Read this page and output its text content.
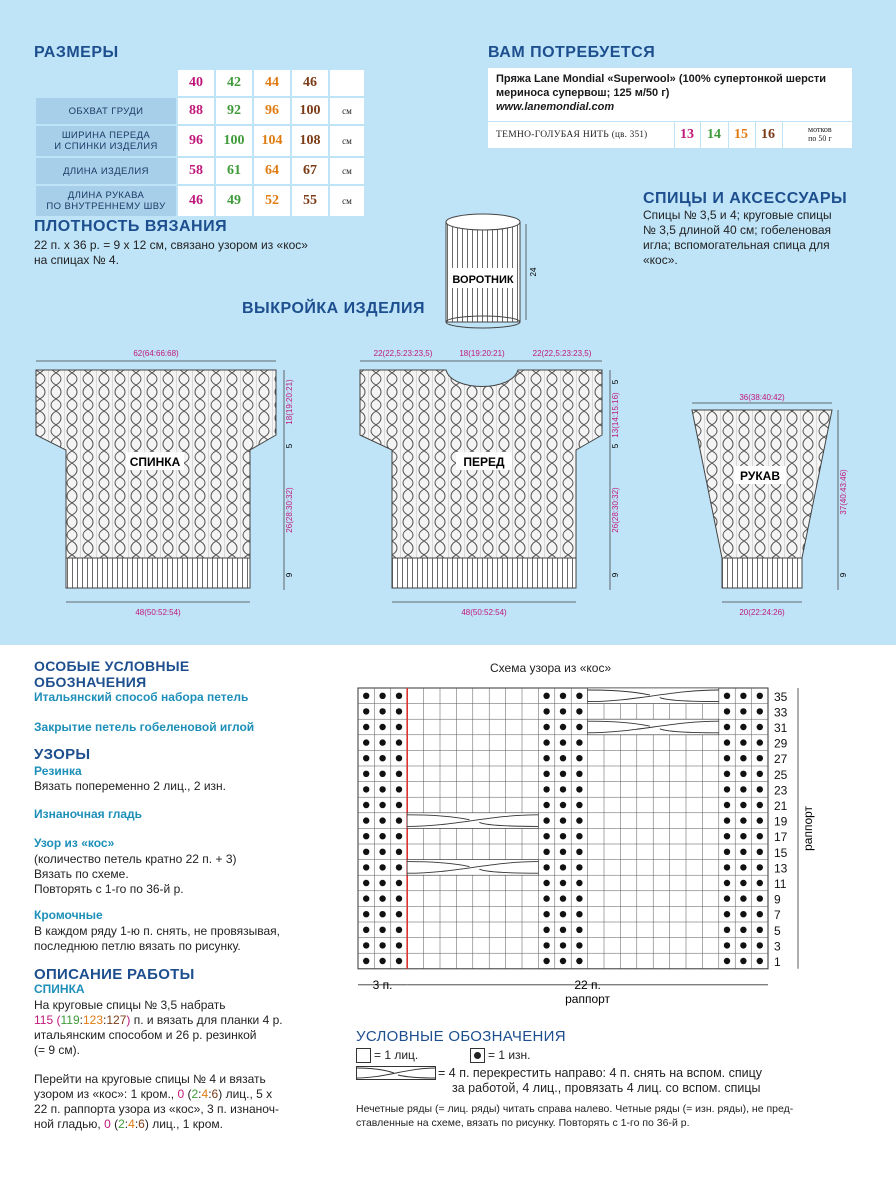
РАЗМЕРЫ
	40	42	44	46	
ОБХВАТ ГРУДИ	88	92	96	100	см
ШИРИНА ПЕРЕДА
И СПИНКИ ИЗДЕЛИЯ	96	100	104	108	см
ДЛИНА ИЗДЕЛИЯ	58	61	64	67	см
ДЛИНА РУКАВА
ПО ВНУТРЕННЕМУ ШВУ	46	49	52	55	см
ВАМ ПОТРЕБУЕТСЯ
Пряжа Lane Mondial «Superwool» (100% супертонкой шерсти
мериноса супервош; 125 м/50 г)
www.lanemondial.com
ТЕМНО-ГОЛУБАЯ НИТЬ (цв. 351) 13 14 15 16	мотков
по 50 г
ПЛОТНОСТЬ ВЯЗАНИЯ
22 п. х 36 р. = 9 х 12 см, связано узором из «кос»
на спицах № 4.
СПИЦЫ И АКСЕССУАРЫ
Спицы № 3,5 и 4; круговые спицы
№ 3,5 длиной 40 см; гобеленовая
игла; вспомогательная спица для
«кос».
ВЫКРОЙКА ИЗДЕЛИЯ
ВОРОТНИК
24
СПИНКА
62(64:66:68)
48(50:52:54)
18(19:20:21)
5
26(28:30:32)
9
ПЕРЕД
22(22,5:23:23,5)	18(19:20:21)	22(22,5:23:23,5)
48(50:52:54)
5
13(14:15:16)
5
26(28:30:32)
9
РУКАВ
36(38:40:42)
20(22:24:26)
37(40:43:46)
9
ОСОБЫЕ УСЛОВНЫЕ
ОБОЗНАЧЕНИЯ
Итальянский способ набора петель
Закрытие петель гобеленовой иглой
УЗОРЫ
Резинка
Вязать попеременно 2 лиц., 2 изн.
Изнаночная гладь
Узор из «кос»
(количество петель кратно 22 п. + 3)
Вязать по схеме.
Повторять с 1-го по 36-й р.
Кромочные
В каждом ряду 1-ю п. снять, не провязывая,
последнюю петлю вязать по рисунку.
ОПИСАНИЕ РАБОТЫ
СПИНКА
На круговые спицы № 3,5 набрать
115 (119:123:127) п. и вязать для планки 4 р.
итальянским способом и 26 р. резинкой
(= 9 см).
Перейти на круговые спицы № 4 и вязать
узором из «кос»: 1 кром., 0 (2:4:6) лиц., 5 х
22 п. раппорта узора из «кос», 3 п. изнаноч-
ной гладью, 0 (2:4:6) лиц., 1 кром.
Схема узора из «кос»
35
33
31
29
27
25
23
21
19
17
15
13
11
9
7
5
3
1
раппорт
3 п.	22 п.
раппорт
УСЛОВНЫЕ ОБОЗНАЧЕНИЯ
= 1 лиц.	= 1 изн.
= 4 п. перекрестить направо: 4 п. снять на вспом. спицу
за работой, 4 лиц., провязать 4 лиц. со вспом. спицы
Нечетные ряды (= лиц. ряды) читать справа налево. Четные ряды (= изн. ряды), не пред-
ставленные на схеме, вязать по рисунку. Повторять с 1-го по 36-й р.
